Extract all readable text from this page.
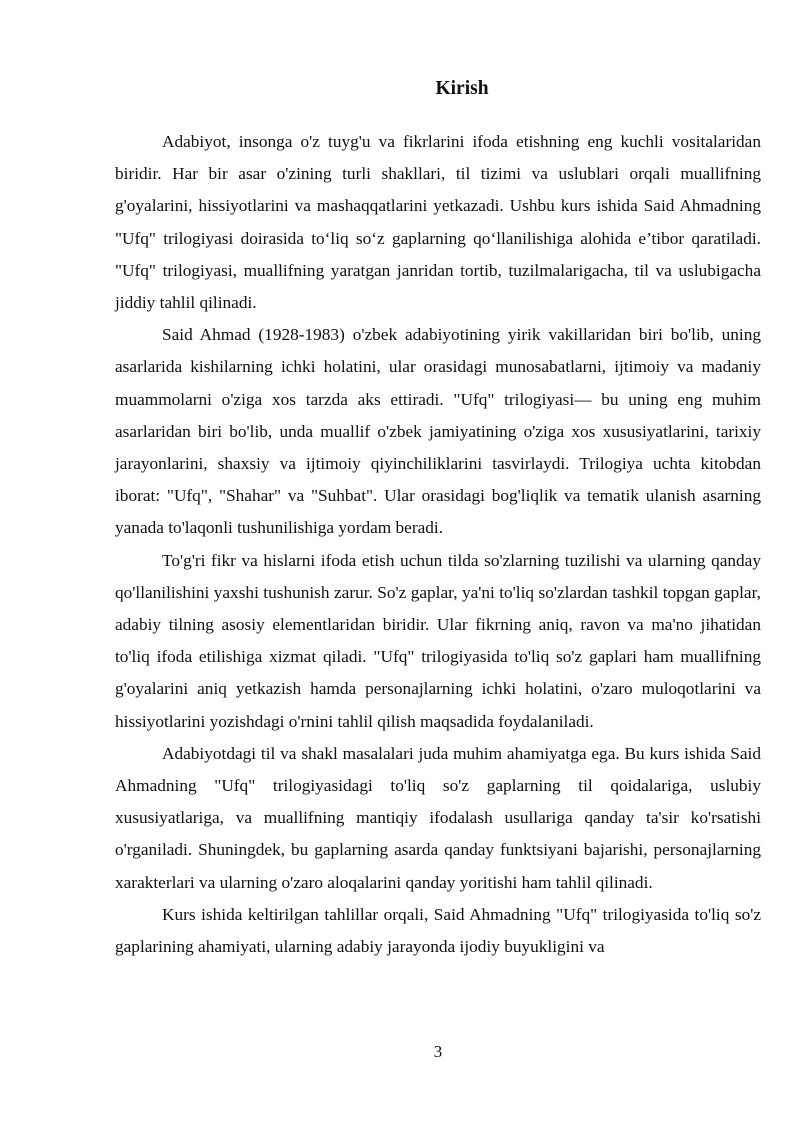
Kirish

Adabiyot, insonga o'z tuyg'u va fikrlarini ifoda etishning eng kuchli vositalaridan biridir. Har bir asar o'zining turli shakllari, til tizimi va uslublari orqali muallifning g'oyalarini, hissiyotlarini va mashaqqatlarini yetkazadi. Ushbu kurs ishida Said Ahmadning "Ufq" trilogiyasi doirasida to‘liq so‘z gaplarning qo‘llanilishiga alohida e’tibor qaratiladi. "Ufq" trilogiyasi, muallifning yaratgan janridan tortib, tuzilmalarigacha, til va uslubigacha jiddiy tahlil qilinadi.

Said Ahmad (1928-1983) o'zbek adabiyotining yirik vakillaridan biri bo'lib, uning asarlarida kishilarning ichki holatini, ular orasidagi munosabatlarni, ijtimoiy va madaniy muammolarni o'ziga xos tarzda aks ettiradi. "Ufq" trilogiyasi— bu uning eng muhim asarlaridan biri bo'lib, unda muallif o'zbek jamiyatining o'ziga xos xususiyatlarini, tarixiy jarayonlarini, shaxsiy va ijtimoiy qiyinchiliklarini tasvirlaydi. Trilogiya uchta kitobdan iborat: "Ufq", "Shahar" va "Suhbat". Ular orasidagi bog'liqlik va tematik ulanish asarning yanada to'laqonli tushunilishiga yordam beradi.

To'g'ri fikr va hislarni ifoda etish uchun tilda so'zlarning tuzilishi va ularning qanday qo'llanilishini yaxshi tushunish zarur. So'z gaplar, ya'ni to'liq so'zlardan tashkil topgan gaplar, adabiy tilning asosiy elementlaridan biridir. Ular fikrning aniq, ravon va ma'no jihatidan to'liq ifoda etilishiga xizmat qiladi. "Ufq" trilogiyasida to'liq so'z gaplari ham muallifning g'oyalarini aniq yetkazish hamda personajlarning ichki holatini, o'zaro muloqotlarini va hissiyotlarini yozishdagi o'rnini tahlil qilish maqsadida foydalaniladi.

Adabiyotdagi til va shakl masalalari juda muhim ahamiyatga ega. Bu kurs ishida Said Ahmadning "Ufq" trilogiyasidagi to'liq so'z gaplarning til qoidalariga, uslubiy xususiyatlariga, va muallifning mantiqiy ifodalash usullariga qanday ta'sir ko'rsatishi o'rganiladi. Shuningdek, bu gaplarning asarda qanday funktsiyani bajarishi, personajlarning xarakterlari va ularning o'zaro aloqalarini qanday yoritishi ham tahlil qilinadi.

Kurs ishida keltirilgan tahlillar orqali, Said Ahmadning "Ufq" trilogiyasida to'liq so'z gaplarining ahamiyati, ularning adabiy jarayonda ijodiy buyukligini va

3
